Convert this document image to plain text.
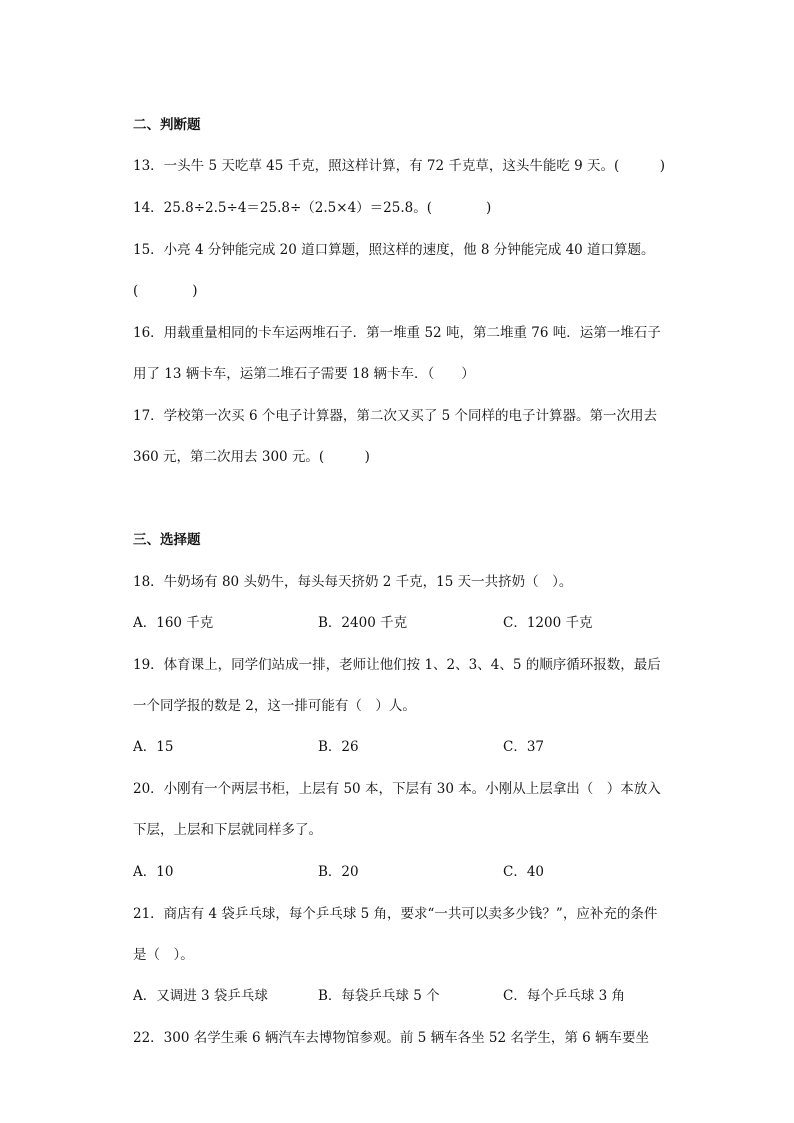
二、判断题
13．一头牛 5 天吃草 45 千克，照这样计算，有 72 千克草，这头牛能吃 9 天。(　　　)
14．25.8÷2.5÷4＝25.8÷（2.5×4）＝25.8。(　　　　)
15．小亮 4 分钟能完成 20 道口算题，照这样的速度，他 8 分钟能完成 40 道口算题。
(　　　　)
16．用载重量相同的卡车运两堆石子．第一堆重 52 吨，第二堆重 76 吨．运第一堆石子
用了 13 辆卡车，运第二堆石子需要 18 辆卡车．（　　）
17．学校第一次买 6 个电子计算器，第二次又买了 5 个同样的电子计算器。第一次用去
360 元，第二次用去 300 元。(　　　)
三、选择题
18．牛奶场有 80 头奶牛，每头每天挤奶 2 千克，15 天一共挤奶（　）。
A．160 千克	B．2400 千克	C．1200 千克
19．体育课上，同学们站成一排，老师让他们按 1、2、3、4、5 的顺序循环报数，最后
一个同学报的数是 2，这一排可能有（　）人。
A．15	B．26	C．37
20．小刚有一个两层书柜，上层有 50 本，下层有 30 本。小刚从上层拿出（　）本放入
下层，上层和下层就同样多了。
A．10	B．20	C．40
21．商店有 4 袋乒乓球，每个乒乓球 5 角，要求“一共可以卖多少钱？”，应补充的条件
是（　）。
A．又调进 3 袋乒乓球	B．每袋乒乓球 5 个	C．每个乒乓球 3 角
22．300 名学生乘 6 辆汽车去博物馆参观。前 5 辆车各坐 52 名学生，第 6 辆车要坐
